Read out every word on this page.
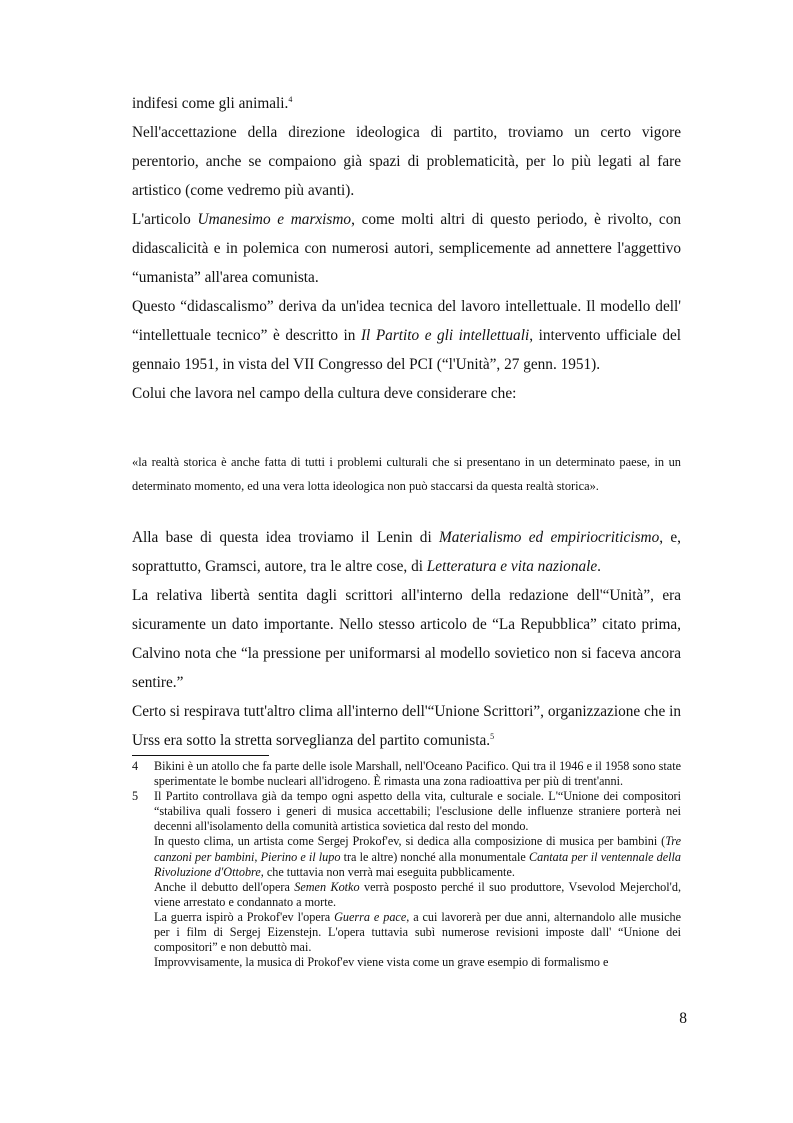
indifesi come gli animali.$^4$

Nell'accettazione della direzione ideologica di partito, troviamo un certo vigore perentorio, anche se compaiono già spazi di problematicità, per lo più legati al fare artistico (come vedremo più avanti).

L'articolo Umanesimo e marxismo, come molti altri di questo periodo, è rivolto, con didascalicità e in polemica con numerosi autori, semplicemente ad annettere l'aggettivo “umanista” all'area comunista.

Questo “didascalismo” deriva da un'idea tecnica del lavoro intellettuale. Il modello dell' “intellettuale tecnico” è descritto in Il Partito e gli intellettuali, intervento ufficiale del gennaio 1951, in vista del VII Congresso del PCI (“l'Unità”, 27 genn. 1951).

Colui che lavora nel campo della cultura deve considerare che:

«la realtà storica è anche fatta di tutti i problemi culturali che si presentano in un determinato paese, in un determinato momento, ed una vera lotta ideologica non può staccarsi da questa realtà storica».

Alla base di questa idea troviamo il Lenin di Materialismo ed empiriocriticismo, e, soprattutto, Gramsci, autore, tra le altre cose, di Letteratura e vita nazionale.

La relativa libertà sentita dagli scrittori all'interno della redazione dell'“Unità”, era sicuramente un dato importante. Nello stesso articolo de “La Repubblica” citato prima, Calvino nota che “la pressione per uniformarsi al modello sovietico non si faceva ancora sentire.”

Certo si respirava tutt'altro clima all'interno dell'“Unione Scrittori”, organizzazione che in Urss era sotto la stretta sorveglianza del partito comunista.$^5$

4 Bikini è un atollo che fa parte delle isole Marshall, nell'Oceano Pacifico. Qui tra il 1946 e il 1958 sono state sperimentate le bombe nucleari all'idrogeno. È rimasta una zona radioattiva per più di trent'anni.

5 Il Partito controllava già da tempo ogni aspetto della vita, culturale e sociale. L'“Unione dei compositori “stabiliva quali fossero i generi di musica accettabili; l'esclusione delle influenze straniere porterà nei decenni all'isolamento della comunità artistica sovietica dal resto del mondo.

In questo clima, un artista come Sergej Prokof'ev, si dedica alla composizione di musica per bambini (Tre canzoni per bambini, Pierino e il lupo tra le altre) nonché alla monumentale Cantata per il ventennale della Rivoluzione d'Ottobre, che tuttavia non verrà mai eseguita pubblicamente.

Anche il debutto dell'opera Semen Kotko verrà posposto perché il suo produttore, Vsevolod Mejerchol'd, viene arrestato e condannato a morte.

La guerra ispirò a Prokof'ev l'opera Guerra e pace, a cui lavorerà per due anni, alternandolo alle musiche per i film di Sergej Eizenstejn. L'opera tuttavia subì numerose revisioni imposte dall' “Unione dei compositori” e non debuttò mai.

Improvvisamente, la musica di Prokof'ev viene vista come un grave esempio di formalismo e

8
